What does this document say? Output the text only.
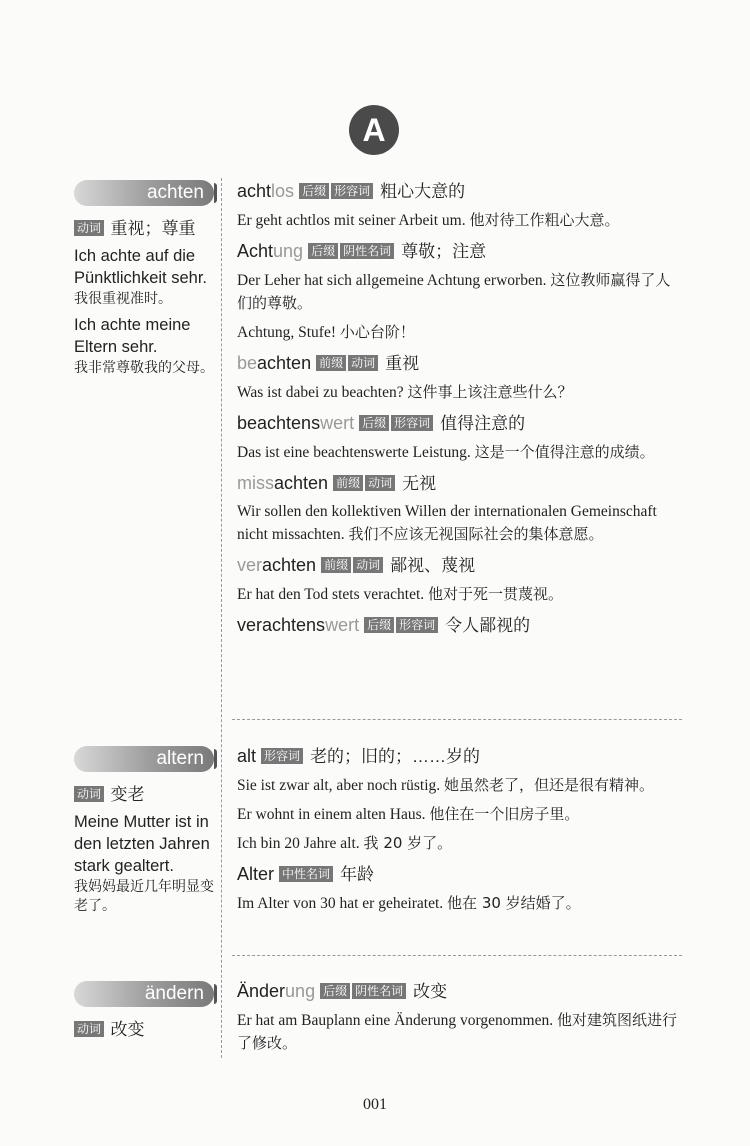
A
achten
动词 重视；尊重
Ich achte auf die Pünktlichkeit sehr.
我很重视准时。
Ich achte meine Eltern sehr.
我非常尊敬我的父母。
achtlos 后缀 形容词 粗心大意的
Er geht achtlos mit seiner Arbeit um. 他对待工作粗心大意。
Achtung 后缀 阴性名词 尊敬；注意
Der Leher hat sich allgemeine Achtung erworben. 这位教师赢得了人们的尊敬。
Achtung, Stufe! 小心台阶！
beachten 前缀 动词 重视
Was ist dabei zu beachten? 这件事上该注意些什么？
beachtenswert 后缀 形容词 值得注意的
Das ist eine beachtenswerte Leistung. 这是一个值得注意的成绩。
missachten 前缀 动词 无视
Wir sollen den kollektiven Willen der internationalen Gemeinschaft nicht missachten. 我们不应该无视国际社会的集体意愿。
verachten 前缀 动词 鄙视、蔑视
Er hat den Tod stets verachtet. 他对于死一贯蔑视。
verachtenswert 后缀 形容词 令人鄙视的
altern
动词 变老
Meine Mutter ist in den letzten Jahren stark gealtert.
我妈妈最近几年明显变老了。
alt 形容词 老的；旧的；……岁的
Sie ist zwar alt, aber noch rüstig. 她虽然老了，但还是很有精神。
Er wohnt in einem alten Haus. 他住在一个旧房子里。
Ich bin 20 Jahre alt. 我 20 岁了。
Alter 中性名词 年龄
Im Alter von 30 hat er geheiratet. 他在 30 岁结婚了。
ändern
动词 改变
Änderung 后缀 阴性名词 改变
Er hat am Bauplann eine Änderung vorgenommen. 他对建筑图纸进行了修改。
001
